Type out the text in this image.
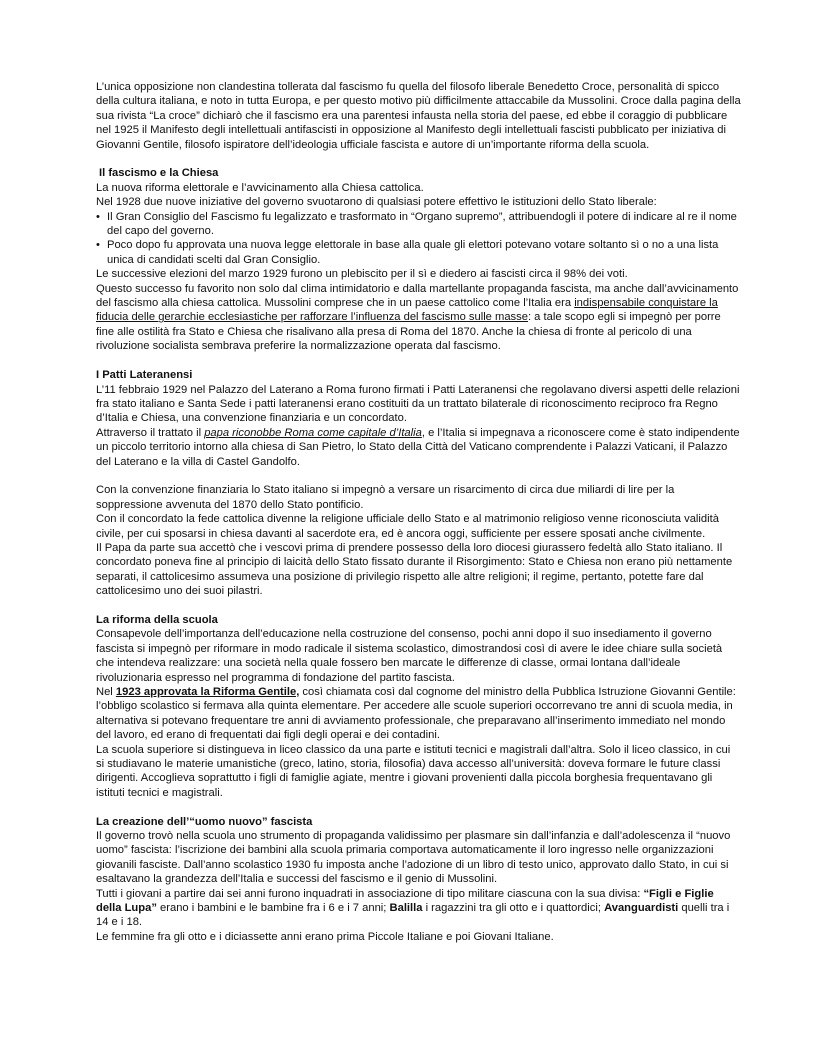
L’unica opposizione non clandestina tollerata dal fascismo fu quella del filosofo liberale Benedetto Croce, personalità di spicco della cultura italiana, e noto in tutta Europa, e per questo motivo più difficilmente attaccabile da Mussolini. Croce dalla pagina della sua rivista “La croce” dichiarò che il fascismo era una parentesi infausta nella storia del paese, ed ebbe il coraggio di pubblicare nel 1925 il Manifesto degli intellettuali antifascisti in opposizione al Manifesto degli intellettuali fascisti pubblicato per iniziativa di Giovanni Gentile, filosofo ispiratore dell’ideologia ufficiale fascista e autore di un’importante riforma della scuola.

Il fascismo e la Chiesa

La nuova riforma elettorale e l’avvicinamento alla Chiesa cattolica.

Nel 1928 due nuove iniziative del governo svuotarono di qualsiasi potere effettivo le istituzioni dello Stato liberale:

• Il Gran Consiglio del Fascismo fu legalizzato e trasformato in “Organo supremo”, attribuendogli il potere di indicare al re il nome del capo del governo.
• Poco dopo fu approvata una nuova legge elettorale in base alla quale gli elettori potevano votare soltanto sì o no a una lista unica di candidati scelti dal Gran Consiglio.

Le successive elezioni del marzo 1929 furono un plebiscito per il sì e diedero ai fascisti circa il 98% dei voti.

Questo successo fu favorito non solo dal clima intimidatorio e dalla martellante propaganda fascista, ma anche dall’avvicinamento del fascismo alla chiesa cattolica. Mussolini comprese che in un paese cattolico come l’Italia era indispensabile conquistare la fiducia delle gerarchie ecclesiastiche per rafforzare l’influenza del fascismo sulle masse: a tale scopo egli si impegnò per porre fine alle ostilità fra Stato e Chiesa che risalivano alla presa di Roma del 1870. Anche la chiesa di fronte al pericolo di una rivoluzione socialista sembrava preferire la normalizzazione operata dal fascismo.

I Patti Lateranensi

L’11 febbraio 1929 nel Palazzo del Laterano a Roma furono firmati i Patti Lateranensi che regolavano diversi aspetti delle relazioni fra stato italiano e Santa Sede i patti lateranensi erano costituiti da un trattato bilaterale di riconoscimento reciproco fra Regno d’Italia e Chiesa, una convenzione finanziaria e un concordato.

Attraverso il trattato il papa riconobbe Roma come capitale d’Italia, e l’Italia si impegnava a riconoscere come è stato indipendente un piccolo territorio intorno alla chiesa di San Pietro, lo Stato della Città del Vaticano comprendente i Palazzi Vaticani, il Palazzo del Laterano e la villa di Castel Gandolfo.

Con la convenzione finanziaria lo Stato italiano si impegnò a versare un risarcimento di circa due miliardi di lire per la soppressione avvenuta del 1870 dello Stato pontificio.

Con il concordato la fede cattolica divenne la religione ufficiale dello Stato e al matrimonio religioso venne riconosciuta validità civile, per cui sposarsi in chiesa davanti al sacerdote era, ed è ancora oggi, sufficiente per essere sposati anche civilmente.

Il Papa da parte sua accettò che i vescovi prima di prendere possesso della loro diocesi giurassero fedeltà allo Stato italiano. Il concordato poneva fine al principio di laicità dello Stato fissato durante il Risorgimento: Stato e Chiesa non erano più nettamente separati, il cattolicesimo assumeva una posizione di privilegio rispetto alle altre religioni; il regime, pertanto, potette fare dal cattolicesimo uno dei suoi pilastri.

La riforma della scuola

Consapevole dell’importanza dell’educazione nella costruzione del consenso, pochi anni dopo il suo insediamento il governo fascista si impegnò per riformare in modo radicale il sistema scolastico, dimostrandosi così di avere le idee chiare sulla società che intendeva realizzare: una società nella quale fossero ben marcate le differenze di classe, ormai lontana dall’ideale rivoluzionaria espresso nel programma di fondazione del partito fascista.

Nel 1923 approvata la Riforma Gentile, così chiamata così dal cognome del ministro della Pubblica Istruzione Giovanni Gentile: l’obbligo scolastico si fermava alla quinta elementare. Per accedere alle scuole superiori occorrevano tre anni di scuola media, in alternativa si potevano frequentare tre anni di avviamento professionale, che preparavano all’inserimento immediato nel mondo del lavoro, ed erano di frequentati dai figli degli operai e dei contadini.

La scuola superiore si distingueva in liceo classico da una parte e istituti tecnici e magistrali dall’altra. Solo il liceo classico, in cui si studiavano le materie umanistiche (greco, latino, storia, filosofia) dava accesso all’università: doveva formare le future classi dirigenti. Accoglieva soprattutto i figli di famiglie agiate, mentre i giovani provenienti dalla piccola borghesia frequentavano gli istituti tecnici e magistrali.

La creazione dell’“uomo nuovo” fascista

Il governo trovò nella scuola uno strumento di propaganda validissimo per plasmare sin dall’infanzia e dall’adolescenza il “nuovo uomo” fascista: l’iscrizione dei bambini alla scuola primaria comportava automaticamente il loro ingresso nelle organizzazioni giovanili fasciste. Dall’anno scolastico 1930 fu imposta anche l’adozione di un libro di testo unico, approvato dallo Stato, in cui si esaltavano la grandezza dell’Italia e successi del fascismo e il genio di Mussolini.

Tutti i giovani a partire dai sei anni furono inquadrati in associazione di tipo militare ciascuna con la sua divisa: “Figli e Figlie della Lupa” erano i bambini e le bambine fra i 6 e i 7 anni; Balilla i ragazzini tra gli otto e i quattordici; Avanguardisti quelli tra i 14 e i 18.

Le femmine fra gli otto e i diciassette anni erano prima Piccole Italiane e poi Giovani Italiane.
